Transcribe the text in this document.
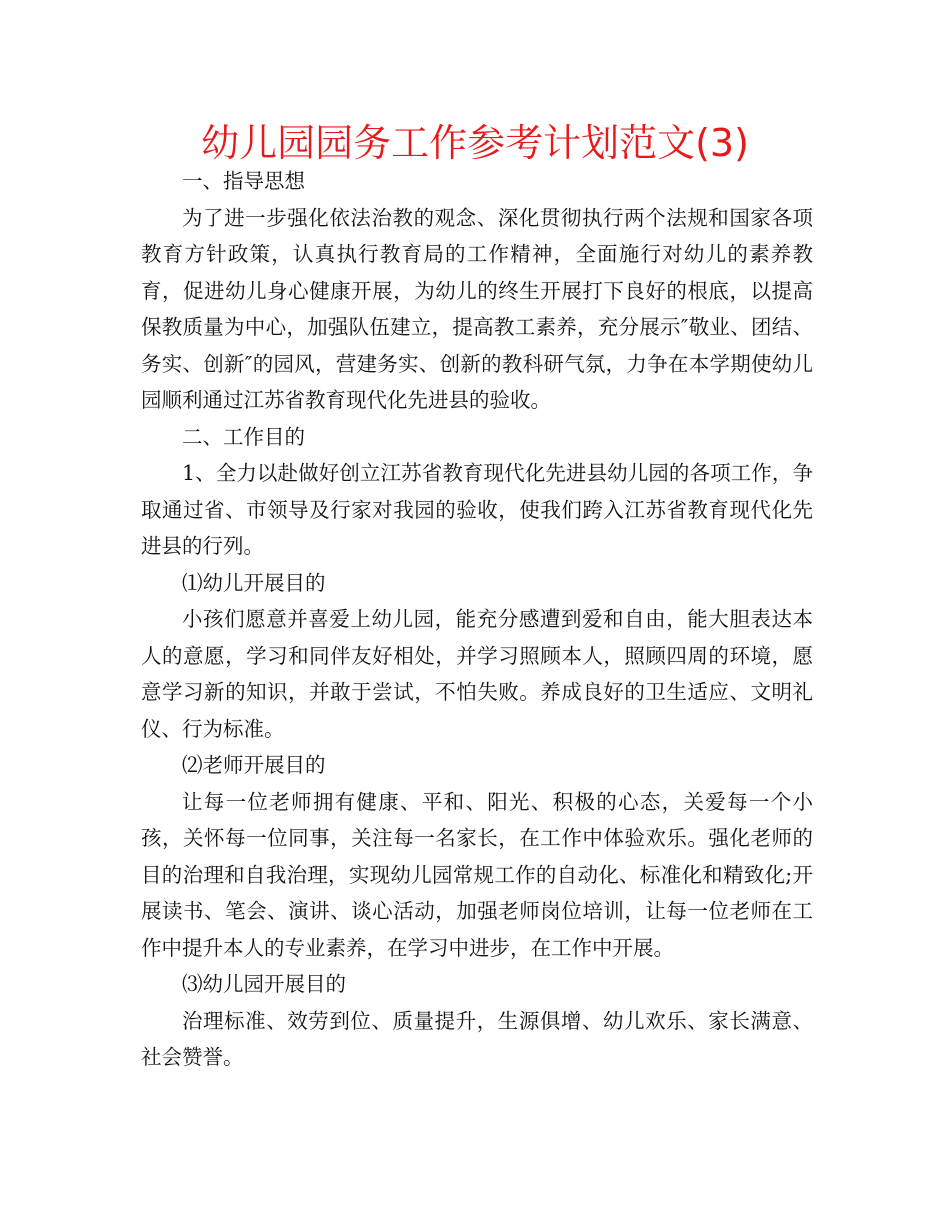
幼儿园园务工作参考计划范文(3)

一、指导思想

为了进一步强化依法治教的观念、深化贯彻执行两个法规和国家各项教育方针政策，认真执行教育局的工作精神，全面施行对幼儿的素养教育，促进幼儿身心健康开展，为幼儿的终生开展打下良好的根底，以提高保教质量为中心，加强队伍建立，提高教工素养，充分展示″敬业、团结、务实、创新″的园风，营建务实、创新的教科研气氛，力争在本学期使幼儿园顺利通过江苏省教育现代化先进县的验收。

二、工作目的

1、全力以赴做好创立江苏省教育现代化先进县幼儿园的各项工作，争取通过省、市领导及行家对我园的验收，使我们跨入江苏省教育现代化先进县的行列。

⑴幼儿开展目的

小孩们愿意并喜爱上幼儿园，能充分感遭到爱和自由，能大胆表达本人的意愿，学习和同伴友好相处，并学习照顾本人，照顾四周的环境，愿意学习新的知识，并敢于尝试，不怕失败。养成良好的卫生适应、文明礼仪、行为标准。

⑵老师开展目的

让每一位老师拥有健康、平和、阳光、积极的心态，关爱每一个小孩，关怀每一位同事，关注每一名家长，在工作中体验欢乐。强化老师的目的治理和自我治理，实现幼儿园常规工作的自动化、标准化和精致化;开展读书、笔会、演讲、谈心活动，加强老师岗位培训，让每一位老师在工作中提升本人的专业素养，在学习中进步，在工作中开展。

⑶幼儿园开展目的

治理标准、效劳到位、质量提升，生源俱增、幼儿欢乐、家长满意、社会赞誉。
